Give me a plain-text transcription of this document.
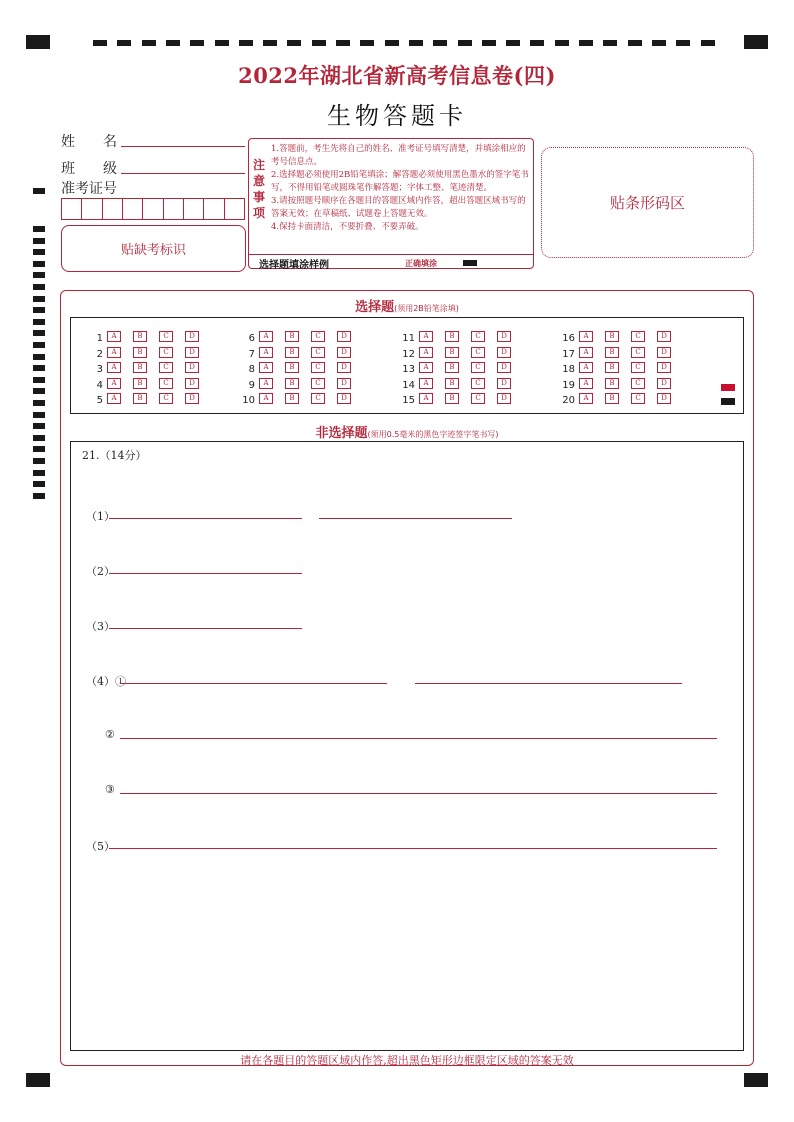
2022年湖北省新高考信息卷(四)
生物答题卡
姓　　名
班　　级
准考证号
贴缺考标识
注
意
事
项
1.答题前，考生先将自己的姓名、准考证号填写清楚，并填涂相应的考号信息点。
2.选择题必须使用2B铅笔填涂；解答题必须使用黑色墨水的签字笔书写，不得用铅笔或圆珠笔作解答题；字体工整、笔迹清楚。
3.请按照题号顺序在各题目的答题区域内作答，超出答题区域书写的答案无效；在草稿纸、试题卷上答题无效。
4.保持卡面清洁，不要折叠、不要弄破。
选择题填涂样例	正确填涂
贴条形码区
选择题(须用2B铅笔涂填)
1 A	B	C	D
2 A	B	C	D
3 A	B	C	D
4 A	B	C	D
5 A	B	C	D
6 A	B	C	D
7 A	B	C	D
8 A	B	C	D
9 A	B	C	D
10 A	B	C	D
11 A	B	C	D
12 A	B	C	D
13 A	B	C	D
14 A	B	C	D
15 A	B	C	D
16 A	B	C	D
17 A	B	C	D
18 A	B	C	D
19 A	B	C	D
20 A	B	C	D
非选择题(须用0.5毫米的黑色字迹签字笔书写)
21.（14分）
（1）
（2）
（3）
（4）①
②
③
（5）
请在各题目的答题区域内作答,超出黑色矩形边框限定区域的答案无效
